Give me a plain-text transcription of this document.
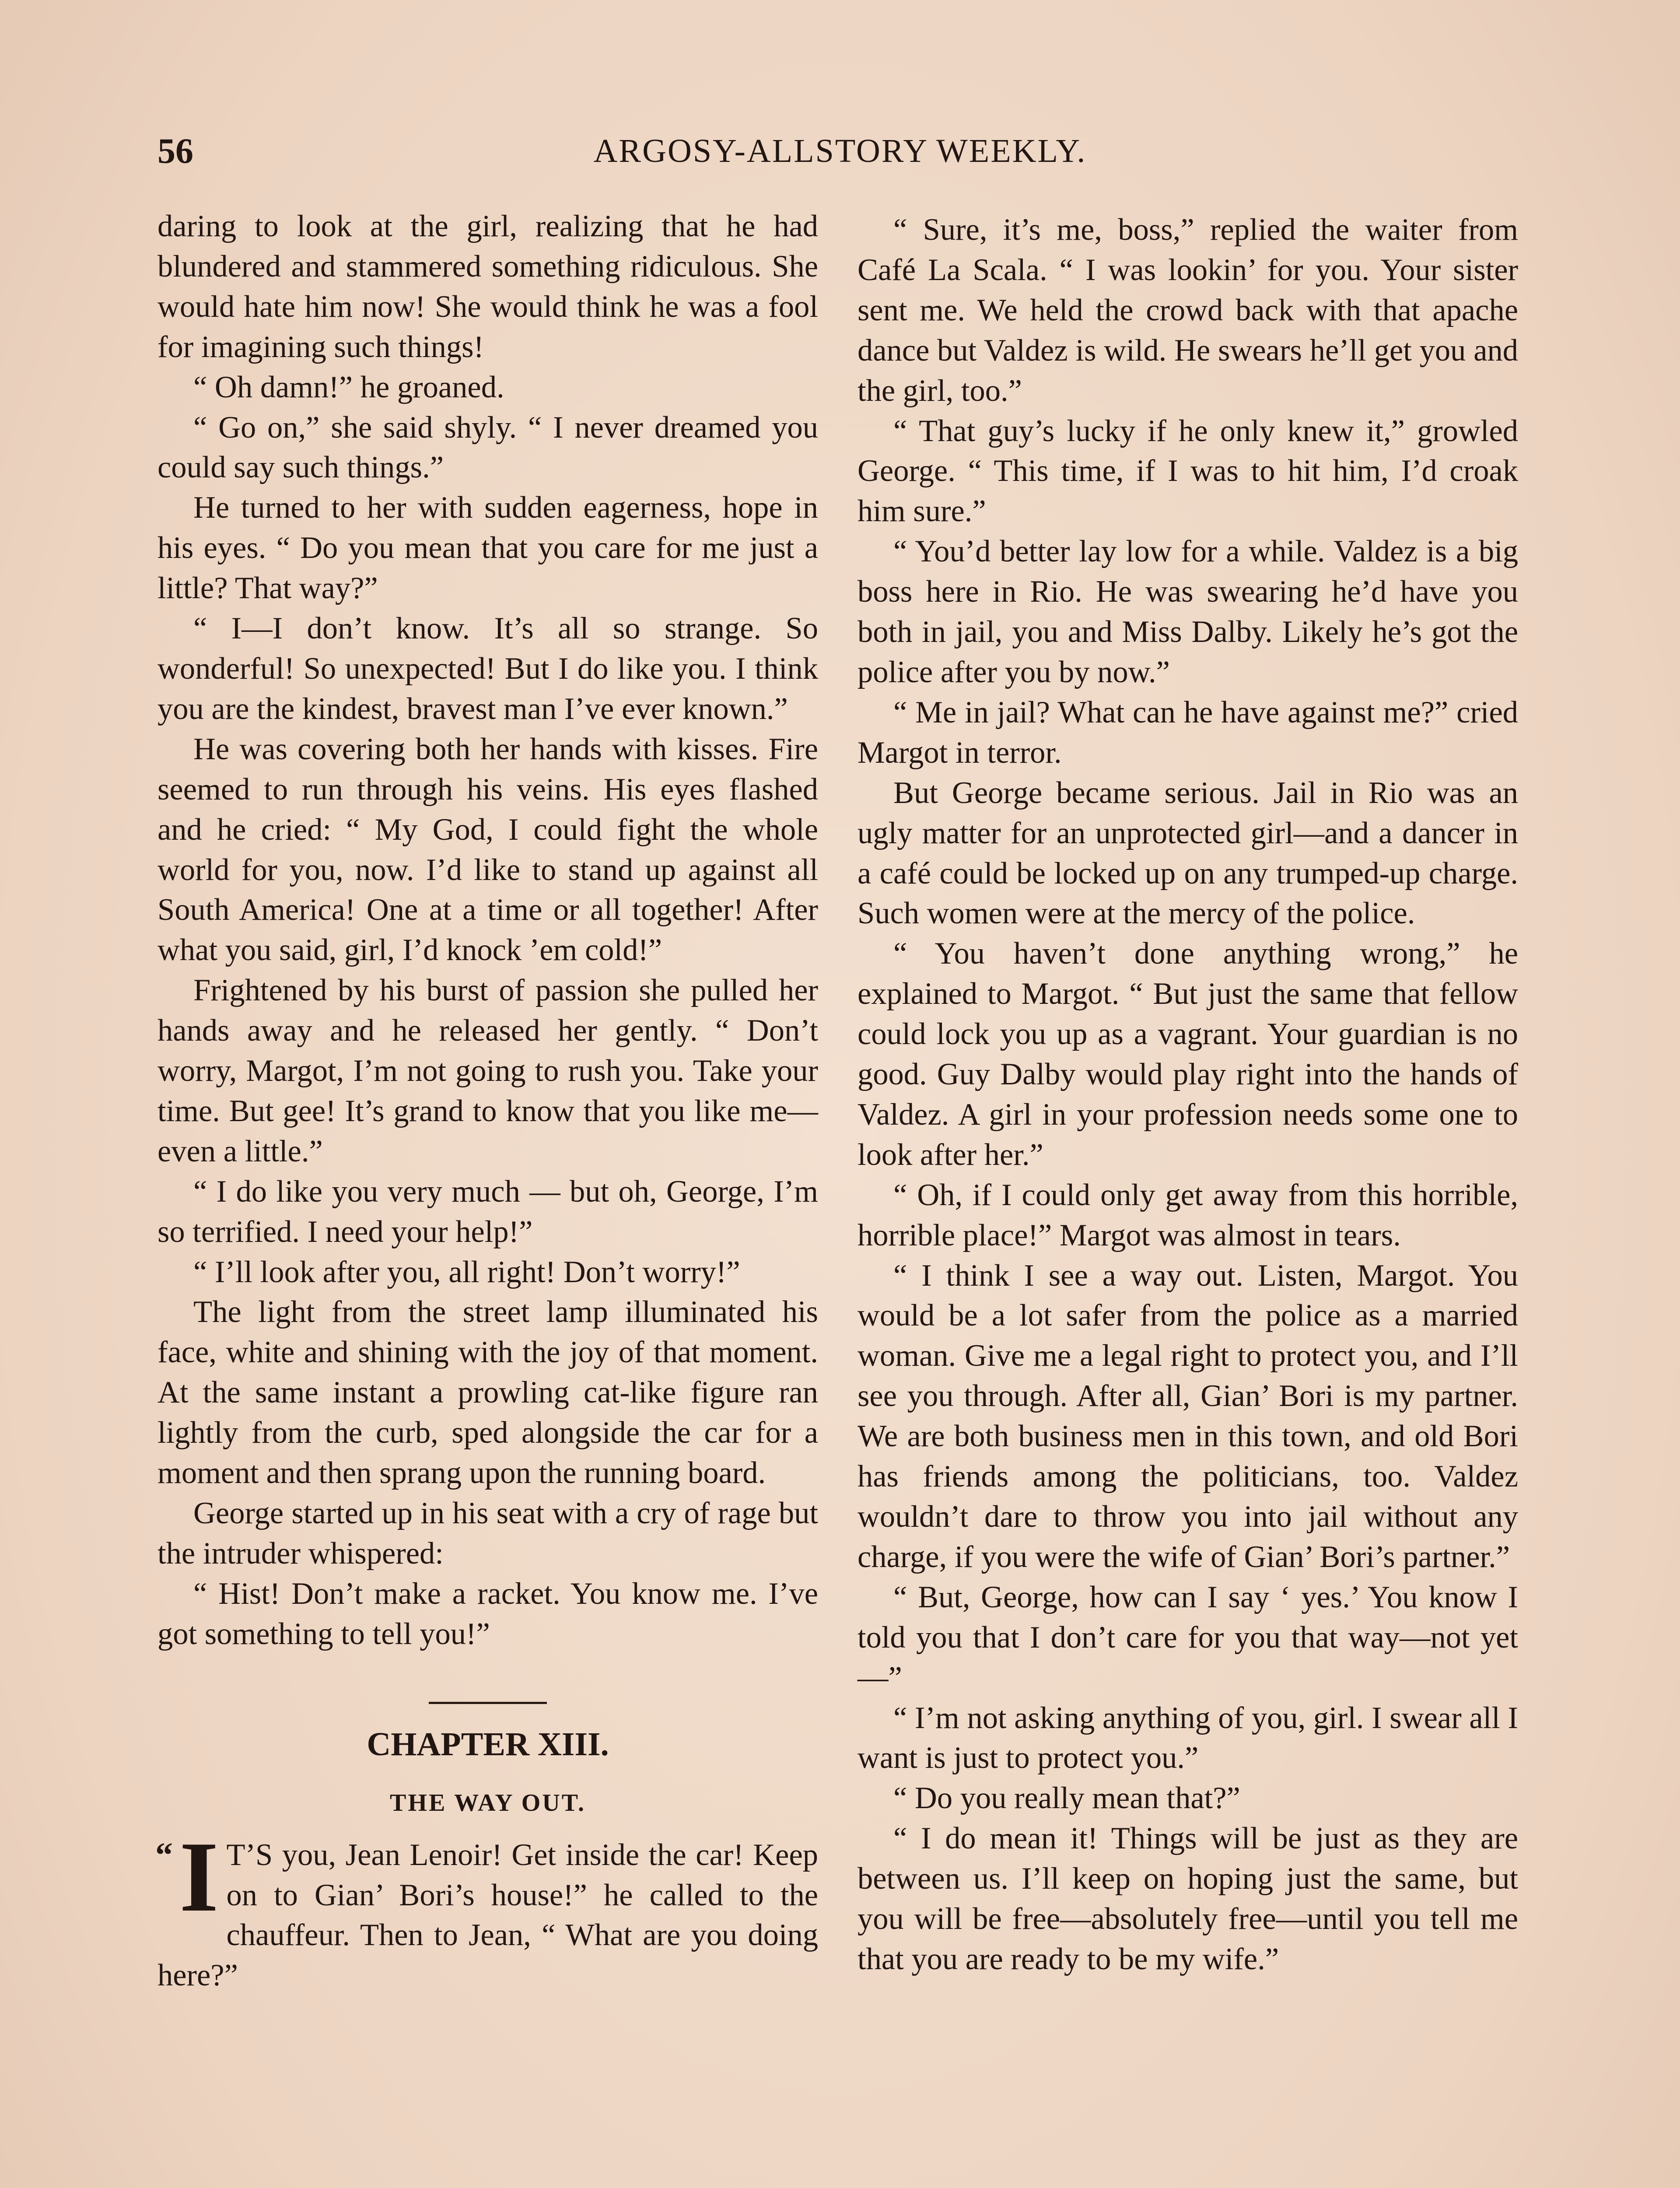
56	ARGOSY-ALLSTORY WEEKLY.

daring to look at the girl, realizing that he had blundered and stammered something ridiculous. She would hate him now! She would think he was a fool for imagining such things!

“ Oh damn!” he groaned.

“ Go on,” she said shyly. “ I never dreamed you could say such things.”

He turned to her with sudden eagerness, hope in his eyes. “ Do you mean that you care for me just a little? That way?”

“ I—I don’t know. It’s all so strange. So wonderful! So unexpected! But I do like you. I think you are the kindest, bravest man I’ve ever known.”

He was covering both her hands with kisses. Fire seemed to run through his veins. His eyes flashed and he cried: “ My God, I could fight the whole world for you, now. I’d like to stand up against all South America! One at a time or all together! After what you said, girl, I’d knock ’em cold!”

Frightened by his burst of passion she pulled her hands away and he released her gently. “ Don’t worry, Margot, I’m not going to rush you. Take your time. But gee! It’s grand to know that you like me—even a little.”

“ I do like you very much — but oh, George, I’m so terrified. I need your help!”

“ I’ll look after you, all right! Don’t worry!”

The light from the street lamp illuminated his face, white and shining with the joy of that moment. At the same instant a prowling cat-like figure ran lightly from the curb, sped alongside the car for a moment and then sprang upon the running board.

George started up in his seat with a cry of rage but the intruder whispered:

“ Hist! Don’t make a racket. You know me. I’ve got something to tell you!”

CHAPTER XIII.
THE WAY OUT.
“ I T’S you, Jean Lenoir! Get inside the car! Keep on to Gian’ Bori’s house!” he called to the chauffeur. Then to Jean, “ What are you doing here?”

“ Sure, it’s me, boss,” replied the waiter from Café La Scala. “ I was lookin’ for you. Your sister sent me. We held the crowd back with that apache dance but Valdez is wild. He swears he’ll get you and the girl, too.”

“ That guy’s lucky if he only knew it,” growled George. “ This time, if I was to hit him, I’d croak him sure.”

“ You’d better lay low for a while. Valdez is a big boss here in Rio. He was swearing he’d have you both in jail, you and Miss Dalby. Likely he’s got the police after you by now.”

“ Me in jail? What can he have against me?” cried Margot in terror.

But George became serious. Jail in Rio was an ugly matter for an unprotected girl—and a dancer in a café could be locked up on any trumped-up charge. Such women were at the mercy of the police.

“ You haven’t done anything wrong,” he explained to Margot. “ But just the same that fellow could lock you up as a vagrant. Your guardian is no good. Guy Dalby would play right into the hands of Valdez. A girl in your profession needs some one to look after her.”

“ Oh, if I could only get away from this horrible, horrible place!” Margot was almost in tears.

“ I think I see a way out. Listen, Margot. You would be a lot safer from the police as a married woman. Give me a legal right to protect you, and I’ll see you through. After all, Gian’ Bori is my partner. We are both business men in this town, and old Bori has friends among the politicians, too. Valdez wouldn’t dare to throw you into jail without any charge, if you were the wife of Gian’ Bori’s partner.”

“ But, George, how can I say ‘ yes.’ You know I told you that I don’t care for you that way—not yet—”

“ I’m not asking anything of you, girl. I swear all I want is just to protect you.”

“ Do you really mean that?”

“ I do mean it! Things will be just as they are between us. I’ll keep on hoping just the same, but you will be free—absolutely free—until you tell me that you are ready to be my wife.”
